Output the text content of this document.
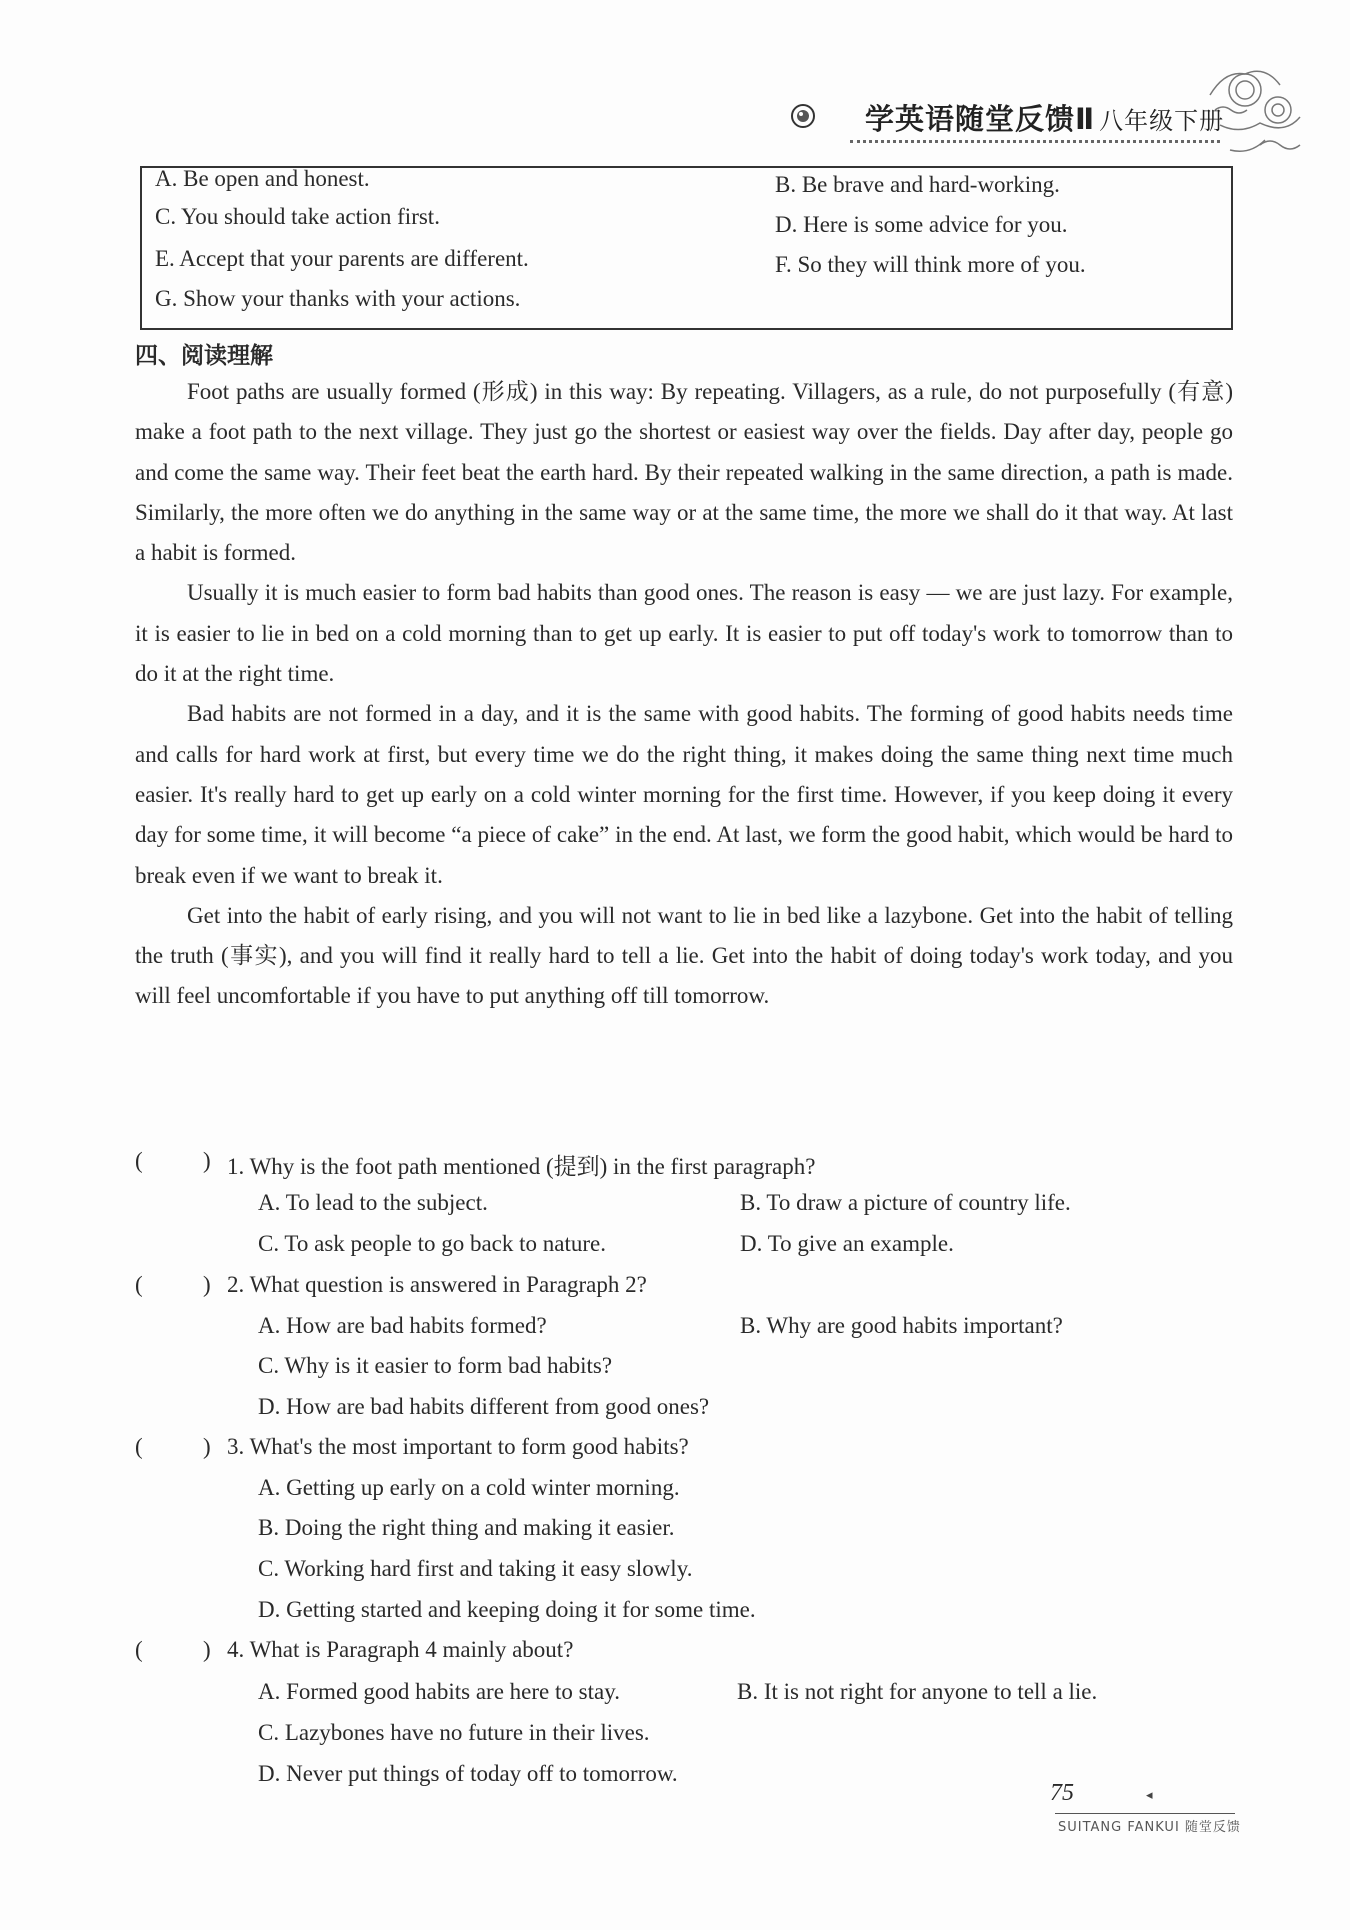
学英语随堂反馈Ⅱ 八年级下册
A. Be open and honest.	B. Be brave and hard-working.
C. You should take action first.	D. Here is some advice for you.
E. Accept that your parents are different.	F. So they will think more of you.
G. Show your thanks with your actions.
四、阅读理解

Foot paths are usually formed (形成) in this way: By repeating. Villagers, as a rule, do not purposefully (有意) make a foot path to the next village. They just go the shortest or easiest way over the fields. Day after day, people go and come the same way. Their feet beat the earth hard. By their repeated walking in the same direction, a path is made. Similarly, the more often we do anything in the same way or at the same time, the more we shall do it that way. At last a habit is formed.

Usually it is much easier to form bad habits than good ones. The reason is easy — we are just lazy. For example, it is easier to lie in bed on a cold morning than to get up early. It is easier to put off today's work to tomorrow than to do it at the right time.

Bad habits are not formed in a day, and it is the same with good habits. The forming of good habits needs time and calls for hard work at first, but every time we do the right thing, it makes doing the same thing next time much easier. It's really hard to get up early on a cold winter morning for the first time. However, if you keep doing it every day for some time, it will become “a piece of cake” in the end. At last, we form the good habit, which would be hard to break even if we want to break it.

Get into the habit of early rising, and you will not want to lie in bed like a lazybone. Get into the habit of telling the truth (事实), and you will find it really hard to tell a lie. Get into the habit of doing today's work today, and you will feel uncomfortable if you have to put anything off till tomorrow.

(	) 1. Why is the foot path mentioned (提到) in the first paragraph?
A. To lead to the subject.	B. To draw a picture of country life.
C. To ask people to go back to nature.	D. To give an example.
(	) 2. What question is answered in Paragraph 2?
A. How are bad habits formed?	B. Why are good habits important?
C. Why is it easier to form bad habits?
D. How are bad habits different from good ones?
(	) 3. What's the most important to form good habits?
A. Getting up early on a cold winter morning.
B. Doing the right thing and making it easier.
C. Working hard first and taking it easy slowly.
D. Getting started and keeping doing it for some time.
(	) 4. What is Paragraph 4 mainly about?
A. Formed good habits are here to stay.	B. It is not right for anyone to tell a lie.
C. Lazybones have no future in their lives.
D. Never put things of today off to tomorrow.
75	◂
SUITANG FANKUI 随堂反馈
